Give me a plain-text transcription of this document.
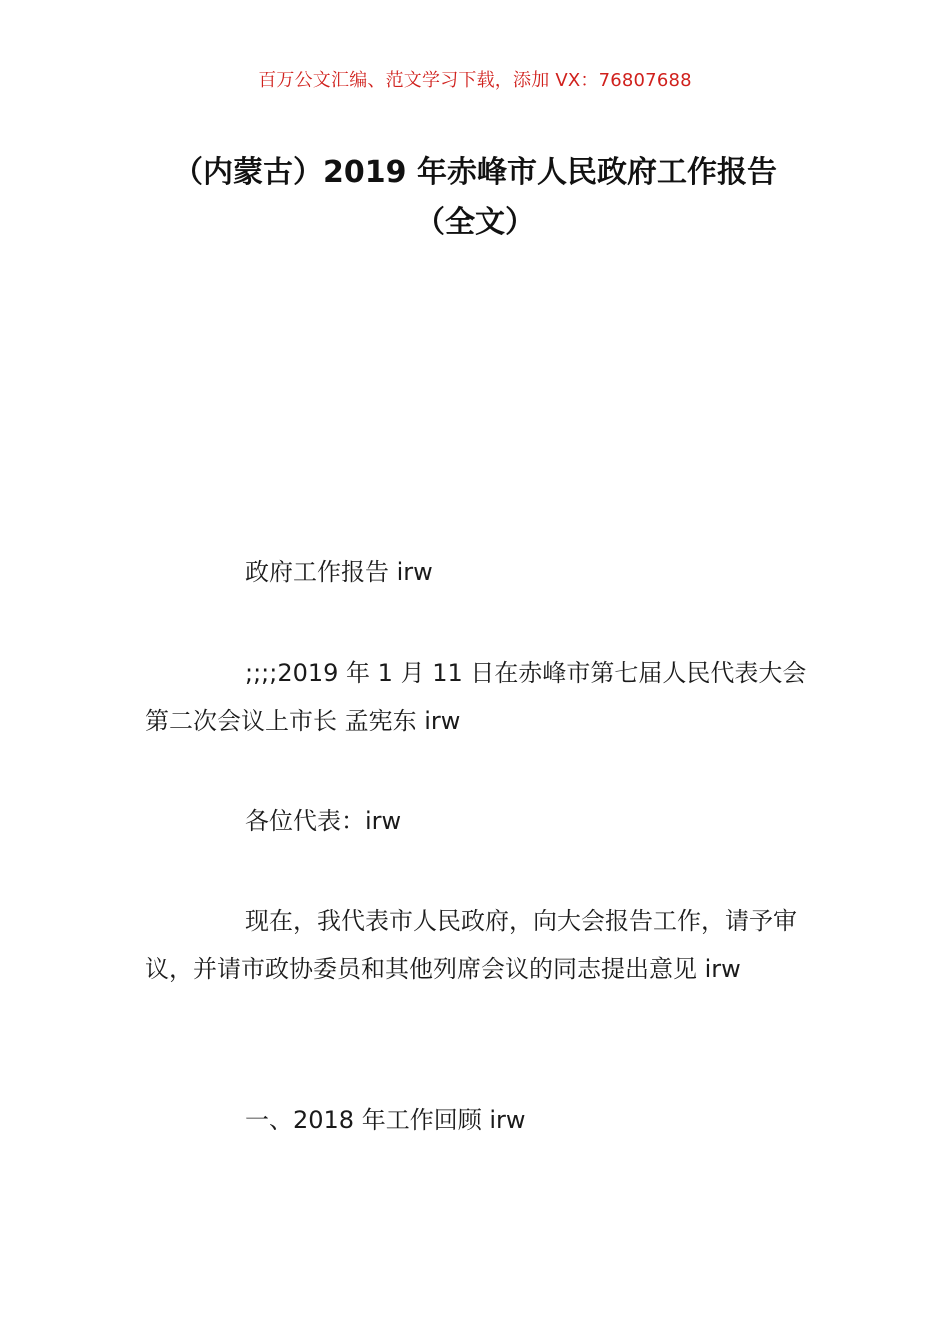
百万公文汇编、范文学习下载，添加 VX：76807688
（内蒙古）2019 年赤峰市人民政府工作报告（全文）

政府工作报告 irw

;;;;2019 年 1 月 11 日在赤峰市第七届人民代表大会第二次会议上市长 孟宪东 irw

各位代表：irw

现在，我代表市人民政府，向大会报告工作，请予审议，并请市政协委员和其他列席会议的同志提出意见 irw

一、2018 年工作回顾 irw
